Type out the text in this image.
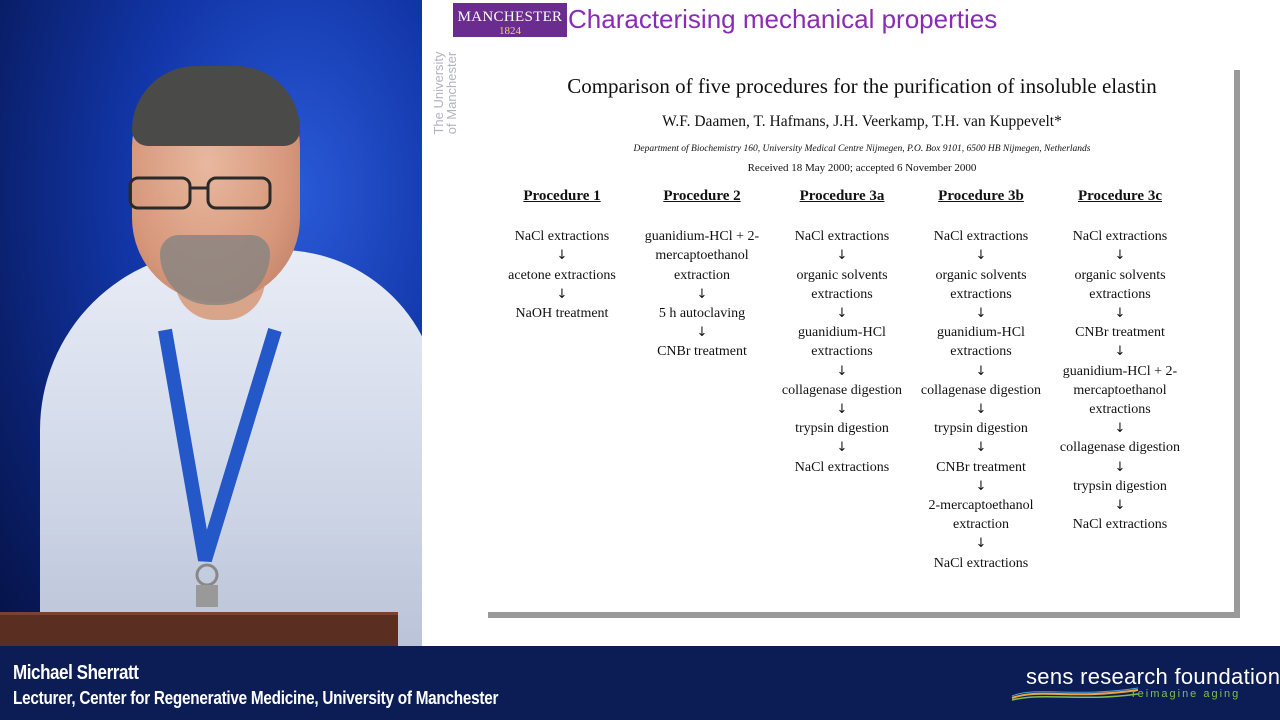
MANCHESTER
1824	Characterising mechanical properties
The University of Manchester	Comparison of five procedures for the purification of insoluble elastin
W.F. Daamen, T. Hafmans, J.H. Veerkamp, T.H. van Kuppevelt*
Department of Biochemistry 160, University Medical Centre Nijmegen, P.O. Box 9101, 6500 HB Nijmegen, Netherlands
Received 18 May 2000; accepted 6 November 2000
Procedure 1
NaCl extractions
↓
acetone extractions
↓
NaOH treatment
Procedure 2
guanidium-HCl + 2-mercaptoethanol extraction
↓
5 h autoclaving
↓
CNBr treatment
Procedure 3a
NaCl extractions
↓
organic solvents extractions
↓
guanidium-HCl extractions
↓
collagenase digestion
↓
trypsin digestion
↓
NaCl extractions
Procedure 3b
NaCl extractions
↓
organic solvents extractions
↓
guanidium-HCl extractions
↓
collagenase digestion
↓
trypsin digestion
↓
CNBr treatment
↓
2-mercaptoethanol extraction
↓
NaCl extractions
Procedure 3c
NaCl extractions
↓
organic solvents extractions
↓
CNBr treatment
↓
guanidium-HCl + 2-mercaptoethanol extractions
↓
collagenase digestion
↓
trypsin digestion
↓
NaCl extractions
Michael Sherratt
Lecturer, Center for Regenerative Medicine, University of Manchester
sens research foundation
reimagine aging
